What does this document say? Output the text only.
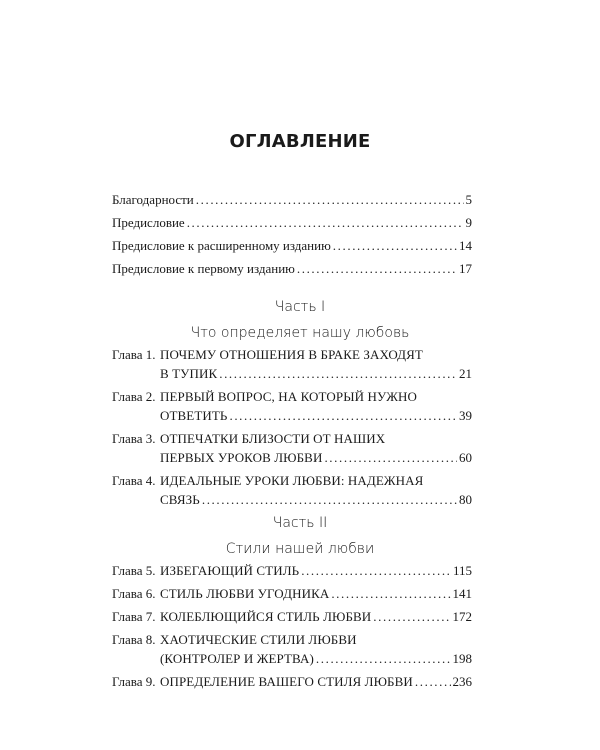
ОГЛАВЛЕНИЕ
Благодарности .....	5
Предисловие .....	9
Предисловие к расширенному изданию .....	14
Предисловие к первому изданию .....	17
Часть I
Что определяет нашу любовь
Глава 1. ПОЧЕМУ ОТНОШЕНИЯ В БРАКЕ ЗАХОДЯТ
В ТУПИК .....	21
Глава 2. ПЕРВЫЙ ВОПРОС, НА КОТОРЫЙ НУЖНО
ОТВЕТИТЬ .....	39
Глава 3. ОТПЕЧАТКИ БЛИЗОСТИ ОТ НАШИХ
ПЕРВЫХ УРОКОВ ЛЮБВИ .....	60
Глава 4. ИДЕАЛЬНЫЕ УРОКИ ЛЮБВИ: НАДЕЖНАЯ
СВЯЗЬ .....	80
Часть II
Стили нашей любви
Глава 5. ИЗБЕГАЮЩИЙ СТИЛЬ .....	115
Глава 6. СТИЛЬ ЛЮБВИ УГОДНИКА .....	141
Глава 7. КОЛЕБЛЮЩИЙСЯ СТИЛЬ ЛЮБВИ .....	172
Глава 8. ХАОТИЧЕСКИЕ СТИЛИ ЛЮБВИ
(КОНТРОЛЕР И ЖЕРТВА) .....	198
Глава 9. ОПРЕДЕЛЕНИЕ ВАШЕГО СТИЛЯ ЛЮБВИ .....	236
